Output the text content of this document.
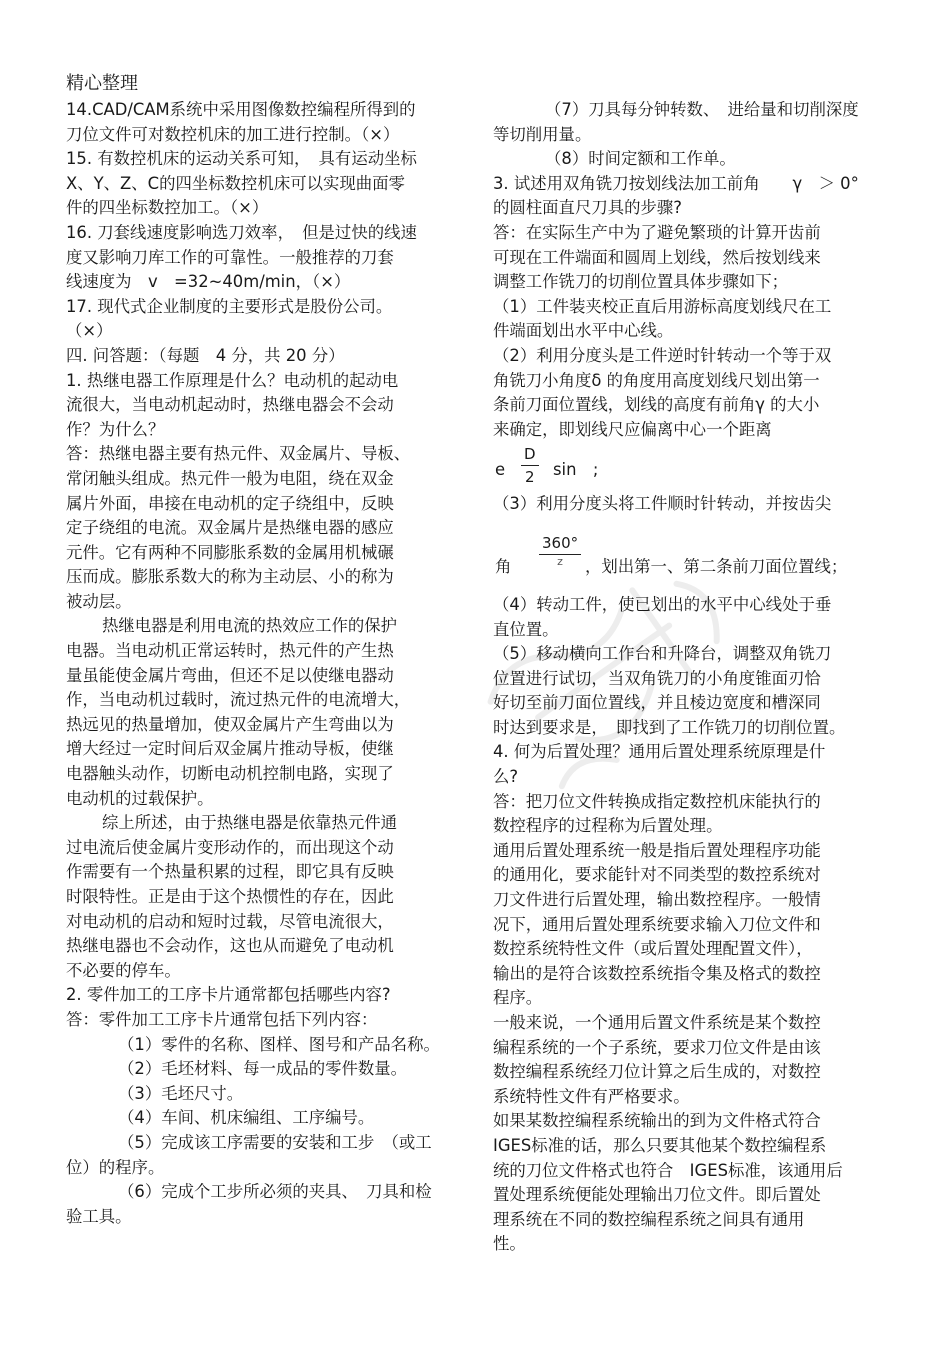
精心整理

14.CAD/CAM系统中采用图像数控编程所得到的

刀位文件可对数控机床的加工进行控制。（×）

15. 有数控机床的运动关系可知，　具有运动坐标

X、Y、Z、C的四坐标数控机床可以实现曲面零

件的四坐标数控加工。（×）

16. 刀套线速度影响选刀效率，　但是过快的线速

度又影响刀库工作的可靠性。一般推荐的刀套

线速度为　v　=32~40m/min，（×）

17. 现代式企业制度的主要形式是股份公司。

（×）

四. 问答题：（每题　4 分，共 20 分）

1. 热继电器工作原理是什么？电动机的起动电

流很大，当电动机起动时，热继电器会不会动

作？为什么？

答：热继电器主要有热元件、双金属片、导板、

常闭触头组成。热元件一般为电阻，绕在双金

属片外面，串接在电动机的定子绕组中，反映

定子绕组的电流。双金属片是热继电器的感应

元件。它有两种不同膨胀系数的金属用机械碾

压而成。膨胀系数大的称为主动层、小的称为

被动层。

热继电器是利用电流的热效应工作的保护

电器。当电动机正常运转时，热元件的产生热

量虽能使金属片弯曲，但还不足以使继电器动

作，当电动机过载时，流过热元件的电流增大，

热远见的热量增加，使双金属片产生弯曲以为

增大经过一定时间后双金属片推动导板，使继

电器触头动作，切断电动机控制电路，实现了

电动机的过载保护。

综上所述，由于热继电器是依靠热元件通

过电流后使金属片变形动作的，而出现这个动

作需要有一个热量积累的过程，即它具有反映

时限特性。正是由于这个热惯性的存在，因此

对电动机的启动和短时过载，尽管电流很大，

热继电器也不会动作，这也从而避免了电动机

不必要的停车。

2. 零件加工的工序卡片通常都包括哪些内容?

答：零件加工工序卡片通常包括下列内容：

（1）零件的名称、图样、图号和产品名称。

（2）毛坯材料、每一成品的零件数量。

（3）毛坯尺寸。

（4）车间、机床编组、工序编号。

（5）完成该工序需要的安装和工步　（或工

位）的程序。

（6）完成个工步所必须的夹具、　刀具和检

验工具。

（7）刀具每分钟转数、　进给量和切削深度

等切削用量。

（8）时间定额和工作单。

3. 试述用双角铣刀按划线法加工前角　　γ　＞ 0°

的圆柱面直尺刀具的步骤?

答：在实际生产中为了避免繁琐的计算开齿前

可现在工件端面和圆周上划线，然后按划线来

调整工作铣刀的切削位置具体步骤如下；

（1）工件装夹校正直后用游标高度划线尺在工

件端面划出水平中心线。

（2）利用分度头是工件逆时针转动一个等于双

角铣刀小角度δ 的角度用高度划线尺划出第一

条前刀面位置线，划线的高度有前角γ 的大小

来确定，即划线尺应偏离中心一个距离

e
D
2 sin　;

（3）利用分度头将工件顺时针转动，并按齿尖

角
360°
z	，划出第一、第二条前刀面位置线；

（4）转动工件，使已划出的水平中心线处于垂

直位置。

（5）移动横向工作台和升降台，调整双角铣刀

位置进行试切，当双角铣刀的小角度锥面刃恰

好切至前刀面位置线，并且棱边宽度和槽深同

时达到要求是，　即找到了工作铣刀的切削位置。

4. 何为后置处理？通用后置处理系统原理是什

么?

答：把刀位文件转换成指定数控机床能执行的

数控程序的过程称为后置处理。

通用后置处理系统一般是指后置处理程序功能

的通用化，要求能针对不同类型的数控系统对

刀文件进行后置处理，输出数控程序。一般情

况下，通用后置处理系统要求输入刀位文件和

数控系统特性文件（或后置处理配置文件），

输出的是符合该数控系统指令集及格式的数控

程序。

一般来说，一个通用后置文件系统是某个数控

编程系统的一个子系统，要求刀位文件是由该

数控编程系统经刀位计算之后生成的，对数控

系统特性文件有严格要求。

如果某数控编程系统输出的到为文件格式符合

IGES标准的话，那么只要其他某个数控编程系

统的刀位文件格式也符合　IGES标准，该通用后

置处理系统便能处理输出刀位文件。即后置处

理系统在不同的数控编程系统之间具有通用

性。
